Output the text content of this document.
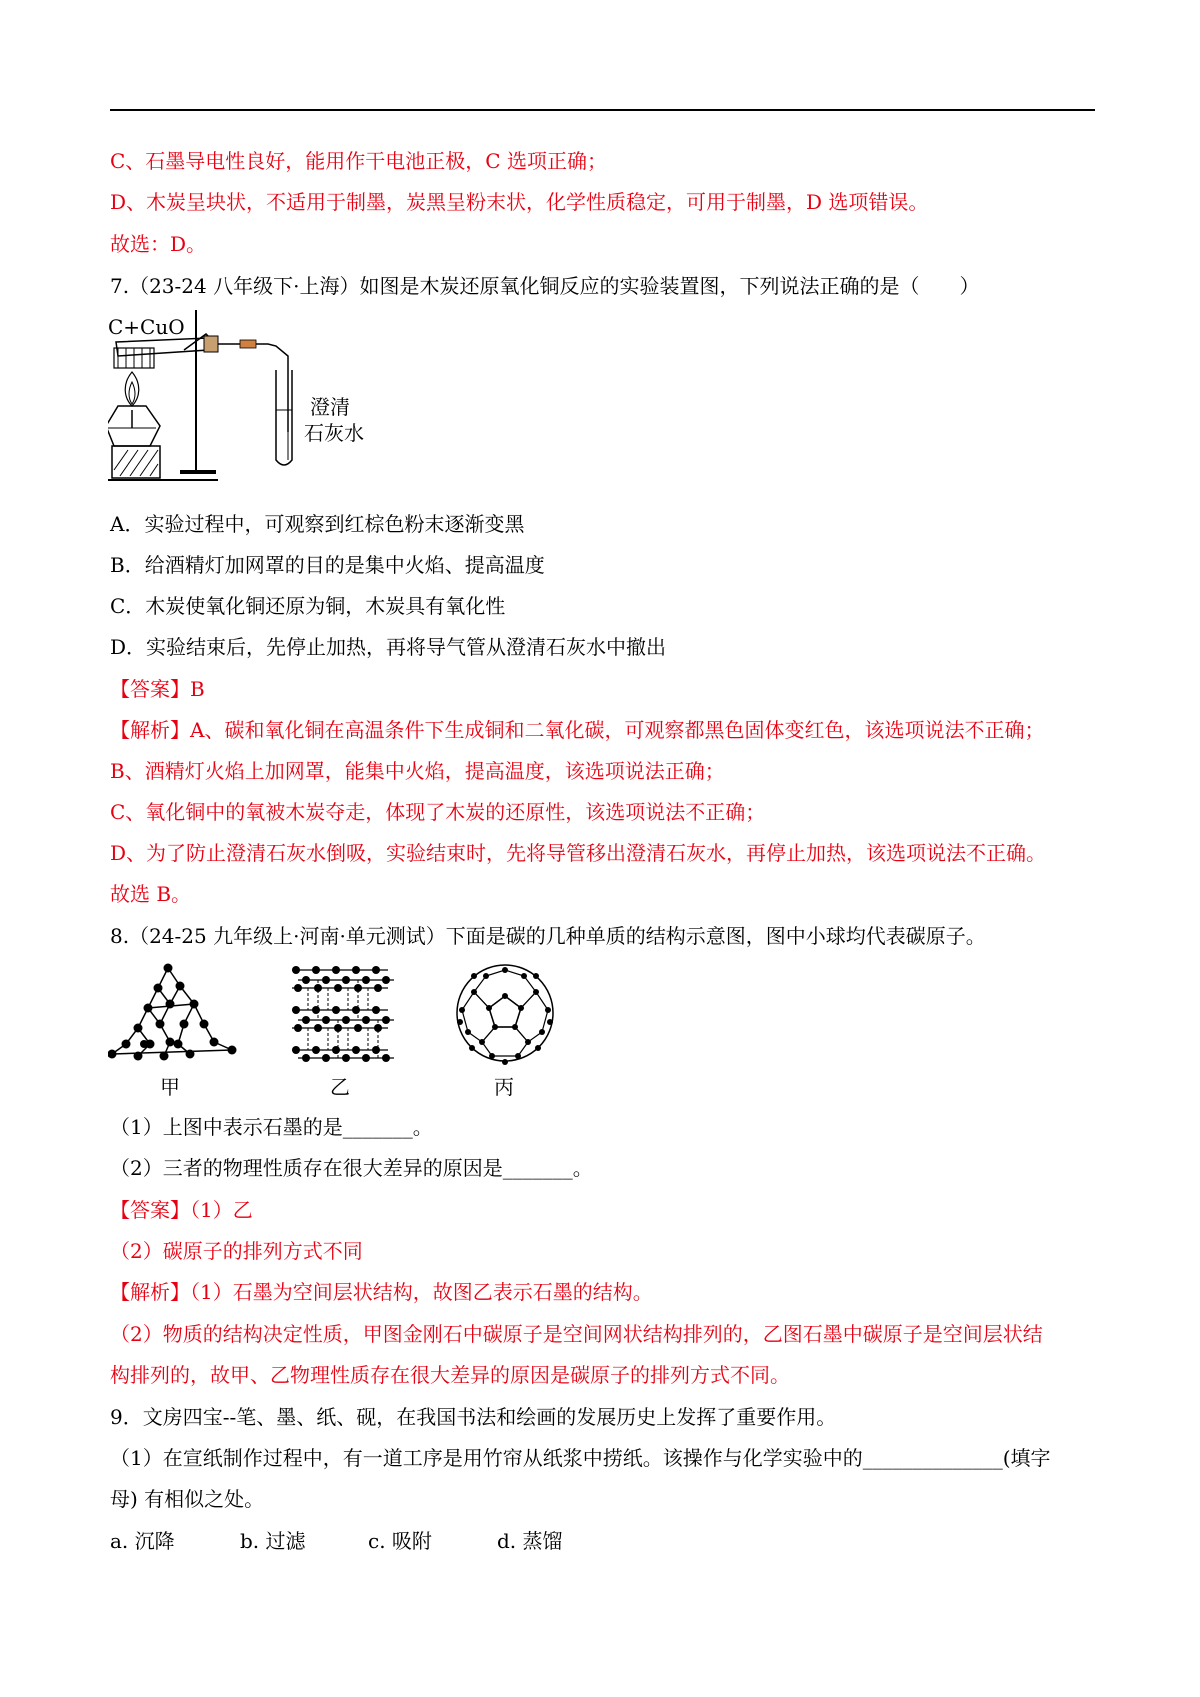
C、石墨导电性良好，能用作干电池正极，C 选项正确；
D、木炭呈块状，不适用于制墨，炭黑呈粉末状，化学性质稳定，可用于制墨，D 选项错误。
故选：D。
7.（23-24 八年级下·上海）如图是木炭还原氧化铜反应的实验装置图，下列说法正确的是（　　）
C+CuO
澄清
石灰水
A．实验过程中，可观察到红棕色粉末逐渐变黑
B．给酒精灯加网罩的目的是集中火焰、提高温度
C．木炭使氧化铜还原为铜，木炭具有氧化性
D．实验结束后，先停止加热，再将导气管从澄清石灰水中撤出
【答案】B
【解析】A、碳和氧化铜在高温条件下生成铜和二氧化碳，可观察都黑色固体变红色，该选项说法不正确；
B、酒精灯火焰上加网罩，能集中火焰，提高温度，该选项说法正确；
C、氧化铜中的氧被木炭夺走，体现了木炭的还原性，该选项说法不正确；
D、为了防止澄清石灰水倒吸，实验结束时，先将导管移出澄清石灰水，再停止加热，该选项说法不正确。
故选 B。
8.（24-25 九年级上·河南·单元测试）下面是碳的几种单质的结构示意图，图中小球均代表碳原子。
甲	乙	丙
（1）上图中表示石墨的是_______。
（2）三者的物理性质存在很大差异的原因是_______。
【答案】（1）乙
（2）碳原子的排列方式不同
【解析】（1）石墨为空间层状结构，故图乙表示石墨的结构。
（2）物质的结构决定性质，甲图金刚石中碳原子是空间网状结构排列的，乙图石墨中碳原子是空间层状结
构排列的，故甲、乙物理性质存在很大差异的原因是碳原子的排列方式不同。
9．文房四宝--笔、墨、纸、砚，在我国书法和绘画的发展历史上发挥了重要作用。
（1）在宣纸制作过程中，有一道工序是用竹帘从纸浆中捞纸。该操作与化学实验中的______________(填字
母) 有相似之处。
a. 沉降	b. 过滤	c. 吸附	d. 蒸馏
